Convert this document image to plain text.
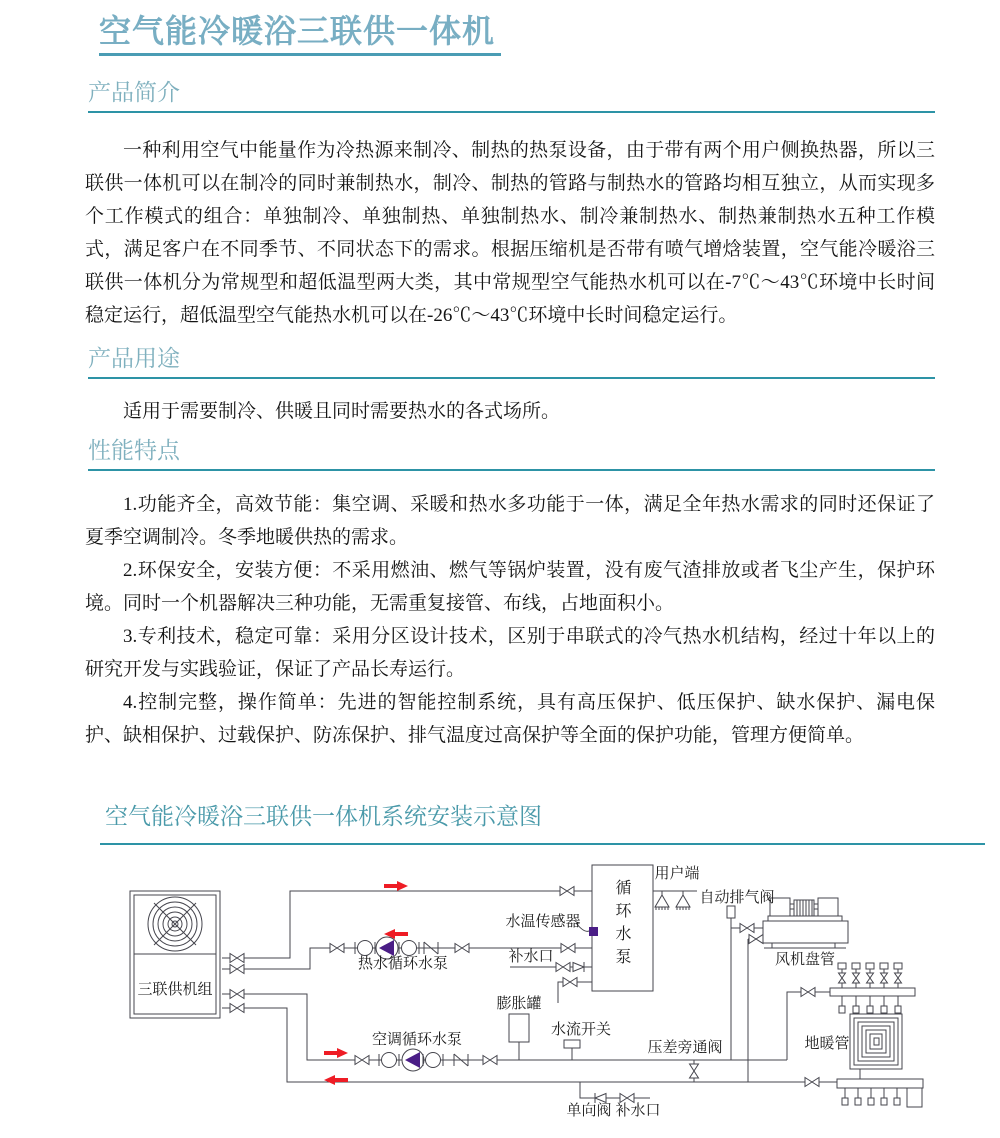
空气能冷暖浴三联供一体机
产品简介

一种利用空气中能量作为冷热源来制冷、制热的热泵设备，由于带有两个用户侧换热器，所以三联供一体机可以在制冷的同时兼制热水，制冷、制热的管路与制热水的管路均相互独立，从而实现多个工作模式的组合：单独制冷、单独制热、单独制热水、制冷兼制热水、制热兼制热水五种工作模式，满足客户在不同季节、不同状态下的需求。根据压缩机是否带有喷气增焓装置，空气能冷暖浴三联供一体机分为常规型和超低温型两大类，其中常规型空气能热水机可以在-7℃～43℃环境中长时间稳定运行，超低温型空气能热水机可以在-26℃～43℃环境中长时间稳定运行。

产品用途

适用于需要制冷、供暖且同时需要热水的各式场所。

性能特点

1.功能齐全，高效节能：集空调、采暖和热水多功能于一体，满足全年热水需求的同时还保证了夏季空调制冷。冬季地暖供热的需求。

2.环保安全，安装方便：不采用燃油、燃气等锅炉装置，没有废气渣排放或者飞尘产生，保护环境。同时一个机器解决三种功能，无需重复接管、布线，占地面积小。

3.专利技术，稳定可靠：采用分区设计技术，区别于串联式的冷气热水机结构，经过十年以上的研究开发与实践验证，保证了产品长寿运行。

4.控制完整，操作简单：先进的智能控制系统，具有高压保护、低压保护、缺水保护、漏电保护、缺相保护、过载保护、防冻保护、排气温度过高保护等全面的保护功能，管理方便简单。

空气能冷暖浴三联供一体机系统安装示意图
三联供机组
热水循环水泵
空调循环水泵
循环水泵
用户端
水温传感器
补水口
自动排气阀
风机盘管
膨胀罐
水流开关
压差旁通阀	地暖管
单向阀 补水口
